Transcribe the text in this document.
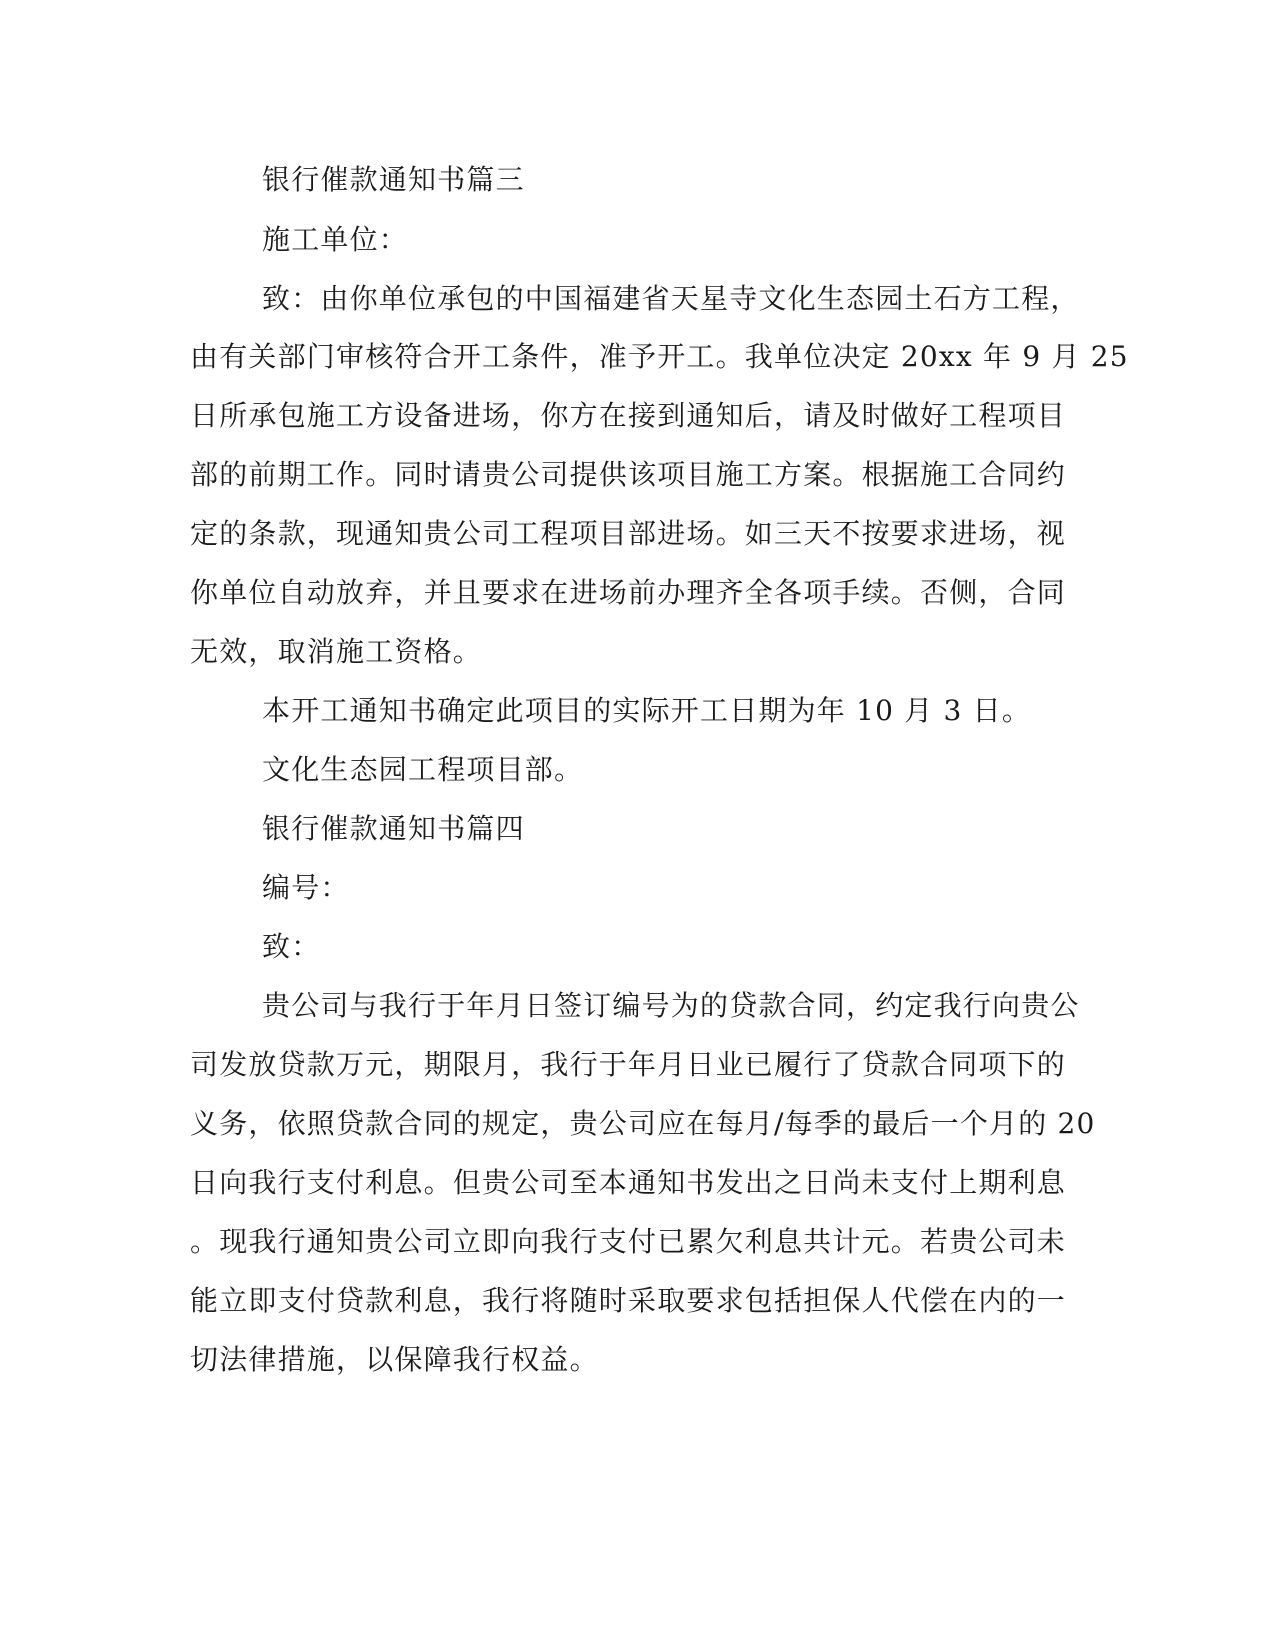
银行催款通知书篇三
施工单位：
致：由你单位承包的中国福建省天星寺文化生态园土石方工程，
由有关部门审核符合开工条件，准予开工。我单位决定 20xx 年 9 月 25
日所承包施工方设备进场，你方在接到通知后，请及时做好工程项目
部的前期工作。同时请贵公司提供该项目施工方案。根据施工合同约
定的条款，现通知贵公司工程项目部进场。如三天不按要求进场，视
你单位自动放弃，并且要求在进场前办理齐全各项手续。否侧，合同
无效，取消施工资格。
本开工通知书确定此项目的实际开工日期为年 10 月 3 日。
文化生态园工程项目部。
银行催款通知书篇四
编号：
致：
贵公司与我行于年月日签订编号为的贷款合同，约定我行向贵公
司发放贷款万元，期限月，我行于年月日业已履行了贷款合同项下的
义务，依照贷款合同的规定，贵公司应在每月/每季的最后一个月的 20
日向我行支付利息。但贵公司至本通知书发出之日尚未支付上期利息
。现我行通知贵公司立即向我行支付已累欠利息共计元。若贵公司未
能立即支付贷款利息，我行将随时采取要求包括担保人代偿在内的一
切法律措施，以保障我行权益。
